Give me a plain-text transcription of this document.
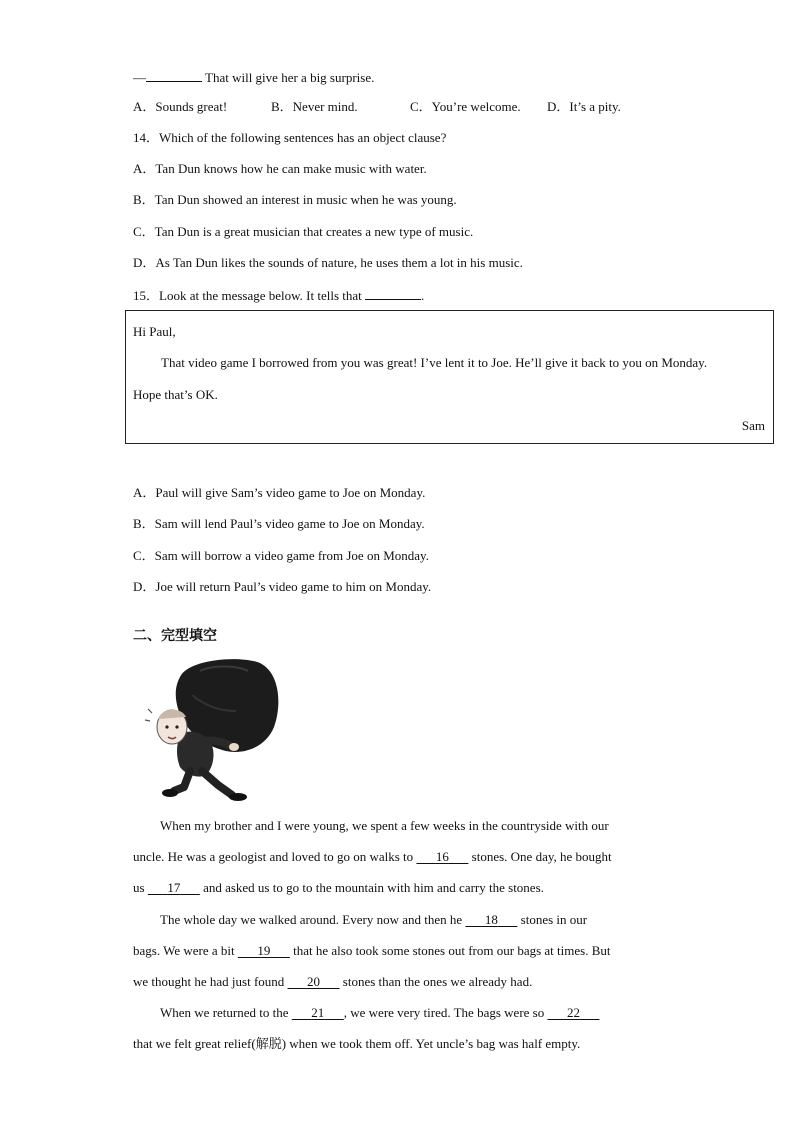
—	That will give her a big surprise.
A．Sounds great!	B．Never mind.	C．You’re welcome. D．It’s a pity.
14．Which of the following sentences has an object clause?
A．Tan Dun knows how he can make music with water.
B．Tan Dun showed an interest in music when he was young.
C．Tan Dun is a great musician that creates a new type of music.
D．As Tan Dun likes the sounds of nature, he uses them a lot in his music.
15．Look at the message below. It tells that	.
Hi Paul,
That video game I borrowed from you was great! I’ve lent it to Joe. He’ll give it back to you on Monday.
Hope that’s OK.
Sam
A．Paul will give Sam’s video game to Joe on Monday.
B．Sam will lend Paul’s video game to Joe on Monday.
C．Sam will borrow a video game from Joe on Monday.
D．Joe will return Paul’s video game to him on Monday.
二、完型填空
When my brother and I were young, we spent a few weeks in the countryside with our
uncle. He was a geologist and loved to go on walks to    16    stones. One day, he bought
us    17    and asked us to go to the mountain with him and carry the stones.
The whole day we walked around. Every now and then he    18    stones in our
bags. We were a bit    19    that he also took some stones out from our bags at times. But
we thought he had just found    20    stones than the ones we already had.
When we returned to the    21    , we were very tired. The bags were so    22   
that we felt great relief(解脱) when we took them off. Yet uncle’s bag was half empty.
